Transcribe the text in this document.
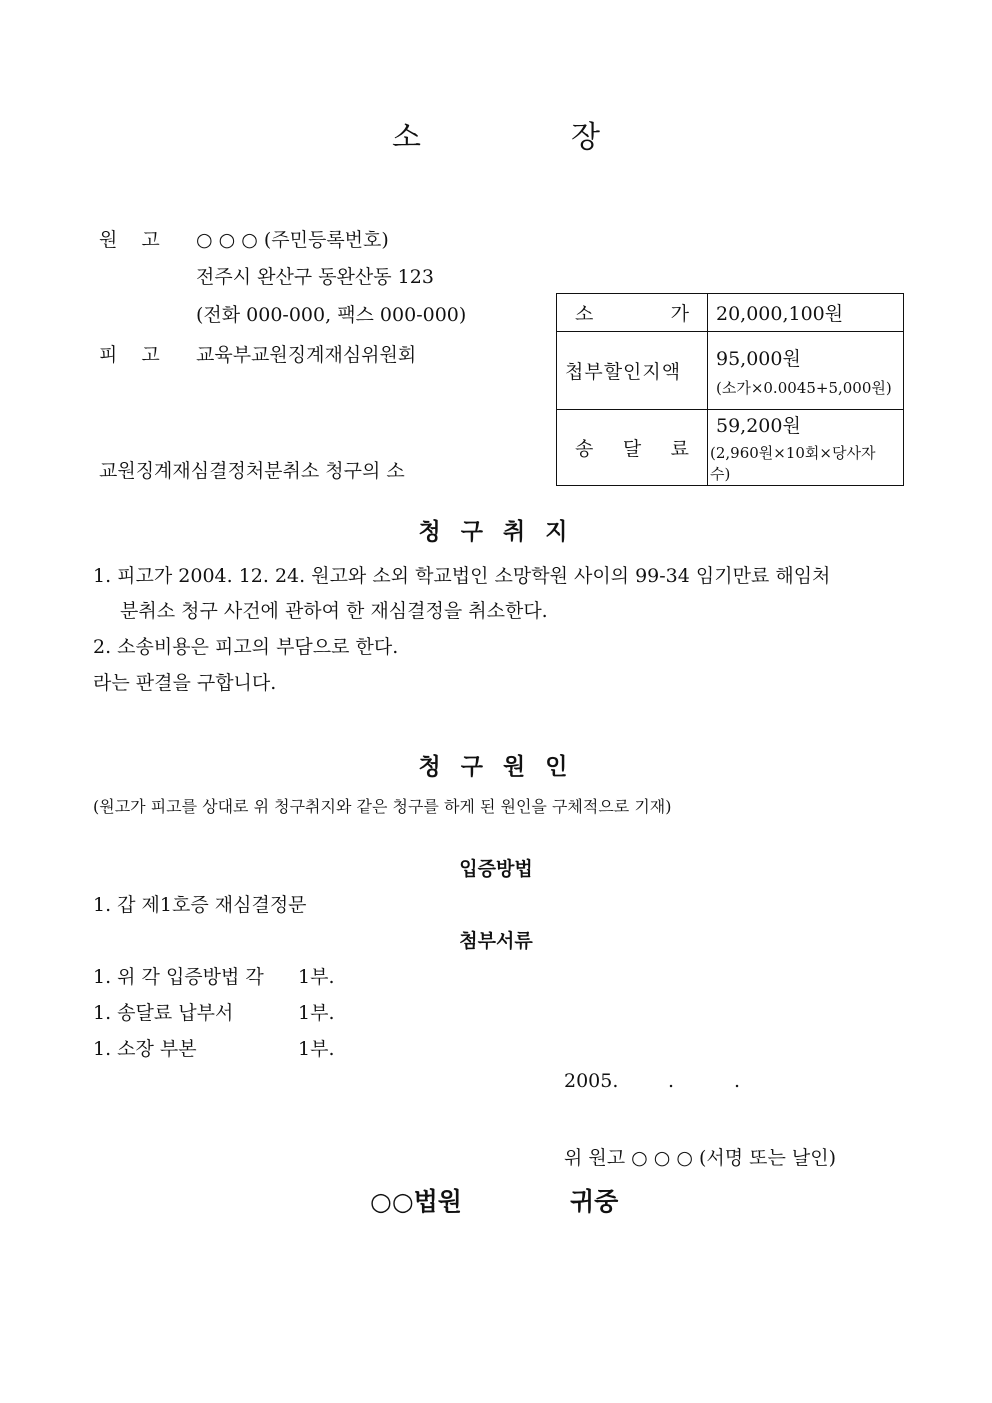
소	장
원 고 ○ ○ ○ (주민등록번호)
전주시 완산구 동완산동 123
(전화 000-000, 팩스 000-000)
피 고 교육부교원징계재심위원회
교원징계재심결정처분취소 청구의 소
소 가	20,000,100원
첩부할인지액	95,000원
(소가×0.0045+5,000원)

송 달 료	59,200원
(2,960원×10회×당사자수)
청 구 취 지
1. 피고가 2004. 12. 24. 원고와 소외 학교법인 소망학원 사이의 99-34 임기만료 해임처
분취소 청구 사건에 관하여 한 재심결정을 취소한다.
2. 소송비용은 피고의 부담으로 한다.
라는 판결을 구합니다.
청 구 원 인
(원고가 피고를 상대로 위 청구취지와 같은 청구를 하게 된 원인을 구체적으로 기재)
입증방법
1. 갑 제1호증 재심결정문
첨부서류
1. 위 각 입증방법 각 1부.
1. 송달료 납부서	1부.
1. 소장 부본	1부.
2005.	.	.
위 원고 ○ ○ ○ (서명 또는 날인)
○○법원	귀중
